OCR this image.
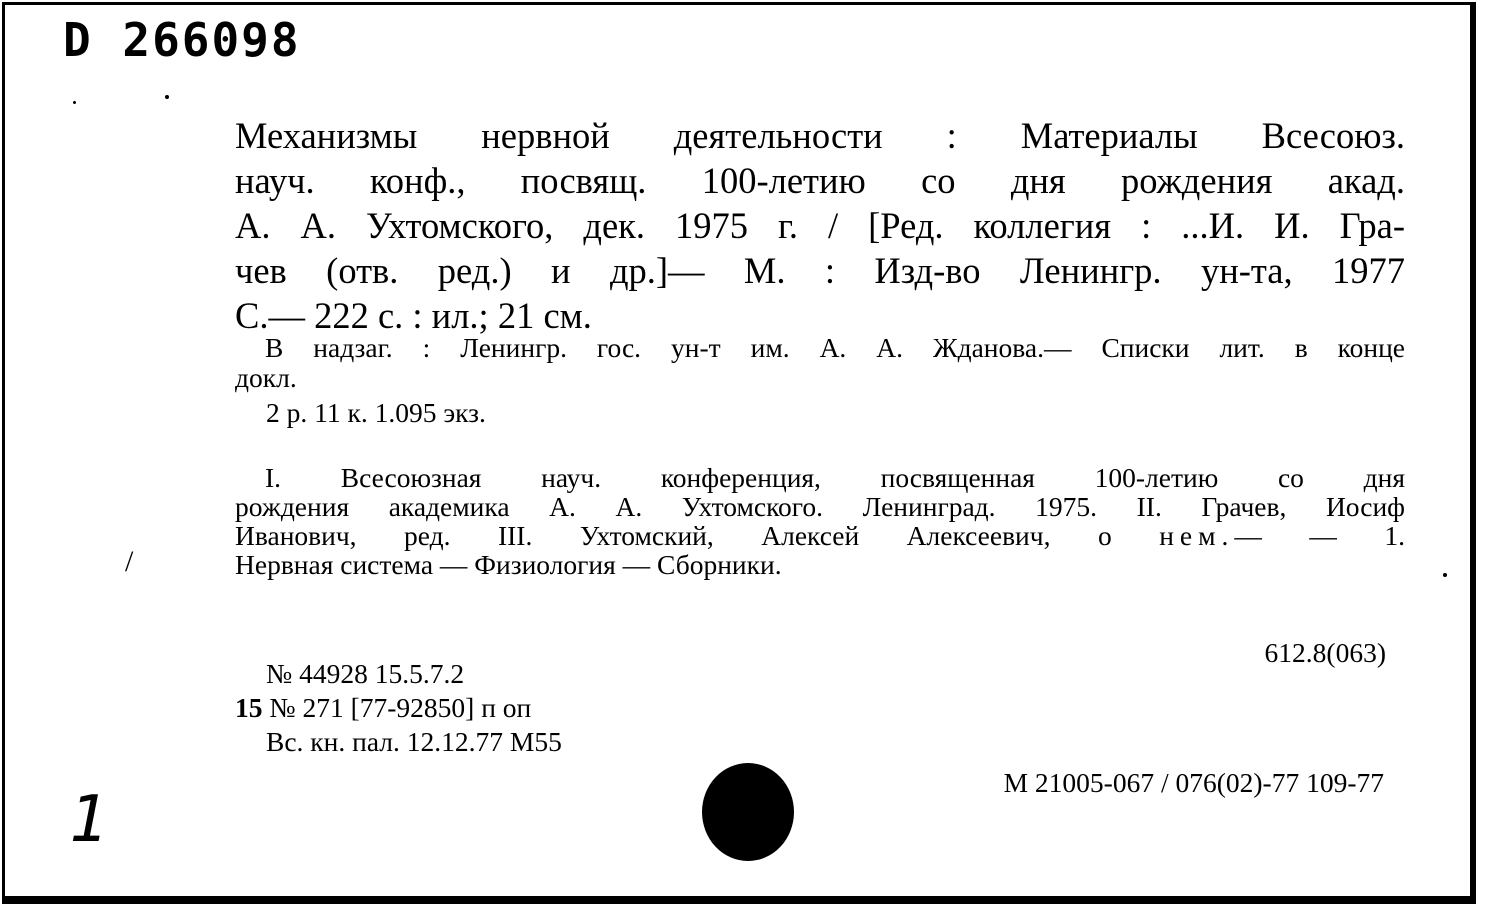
D 266098
Механизмы нервной деятельности : Материалы Всесоюз.
науч. конф., посвящ. 100-летию со дня рождения акад.
А. А. Ухтомского, дек. 1975 г. / [Ред. коллегия : ...И. И. Гра-
чев (отв. ред.) и др.]— М. : Изд-во Ленингр. ун-та, 1977
С.— 222 с. : ил.; 21 см.
В надзаг. : Ленингр. гос. ун-т им. А. А. Жданова.— Списки лит. в конце
докл.
2 р. 11 к. 1.095 экз.
I. Всесоюзная науч. конференция, посвященная 100-летию со дня
рождения академика А. А. Ухтомского. Ленинград. 1975. II. Грачев, Иосиф
Иванович, ред. III. Ухтомский, Алексей Алексеевич, о нем.— — 1.
Нервная система — Физиология — Сборники.
612.8(063)
№ 44928 15.5.7.2
15 № 271 [77-92850] п оп
Вс. кн. пал. 12.12.77 М55
М 21005-067 / 076(02)-77 109-77
/
1
